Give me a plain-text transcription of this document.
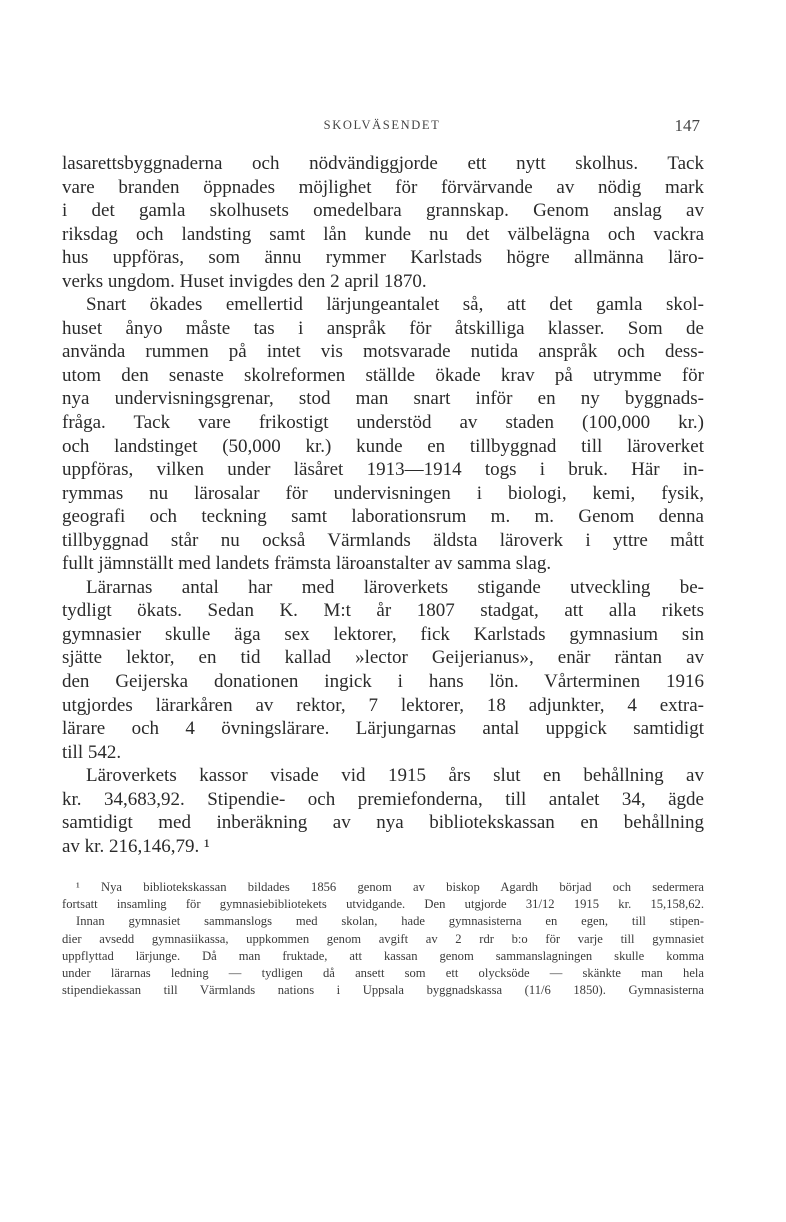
SKOLVÄSENDET	147
lasarettsbyggnaderna och nödvändiggjorde ett nytt skolhus. Tack
vare branden öppnades möjlighet för förvärvande av nödig mark
i det gamla skolhusets omedelbara grannskap. Genom anslag av
riksdag och landsting samt lån kunde nu det välbelägna och vackra
hus uppföras, som ännu rymmer Karlstads högre allmänna läro-
verks ungdom. Huset invigdes den 2 april 1870.
Snart ökades emellertid lärjungeantalet så, att det gamla skol-
huset ånyo måste tas i anspråk för åtskilliga klasser. Som de
använda rummen på intet vis motsvarade nutida anspråk och dess-
utom den senaste skolreformen ställde ökade krav på utrymme för
nya undervisningsgrenar, stod man snart inför en ny byggnads-
fråga. Tack vare frikostigt understöd av staden (100,000 kr.)
och landstinget (50,000 kr.) kunde en tillbyggnad till läroverket
uppföras, vilken under läsåret 1913—1914 togs i bruk. Här in-
rymmas nu lärosalar för undervisningen i biologi, kemi, fysik,
geografi och teckning samt laborationsrum m. m. Genom denna
tillbyggnad står nu också Värmlands äldsta läroverk i yttre mått
fullt jämnställt med landets främsta läroanstalter av samma slag.
Lärarnas antal har med läroverkets stigande utveckling be-
tydligt ökats. Sedan K. M:t år 1807 stadgat, att alla rikets
gymnasier skulle äga sex lektorer, fick Karlstads gymnasium sin
sjätte lektor, en tid kallad »lector Geijerianus», enär räntan av
den Geijerska donationen ingick i hans lön. Vårterminen 1916
utgjordes lärarkåren av rektor, 7 lektorer, 18 adjunkter, 4 extra-
lärare och 4 övningslärare. Lärjungarnas antal uppgick samtidigt
till 542.
Läroverkets kassor visade vid 1915 års slut en behållning av
kr. 34,683,92. Stipendie- och premiefonderna, till antalet 34, ägde
samtidigt med inberäkning av nya bibliotekskassan en behållning
av kr. 216,146,79. ¹
¹ Nya bibliotekskassan bildades 1856 genom av biskop Agardh börjad och sedermera
fortsatt insamling för gymnasiebibliotekets utvidgande. Den utgjorde 31/12 1915 kr. 15,158,62.
Innan gymnasiet sammanslogs med skolan, hade gymnasisterna en egen, till stipen-
dier avsedd gymnasiikassa, uppkommen genom avgift av 2 rdr b:o för varje till gymnasiet
uppflyttad lärjunge. Då man fruktade, att kassan genom sammanslagningen skulle komma
under lärarnas ledning — tydligen då ansett som ett olycksöde — skänkte man hela
stipendiekassan till Värmlands nations i Uppsala byggnadskassa (11/6 1850). Gymnasisterna
